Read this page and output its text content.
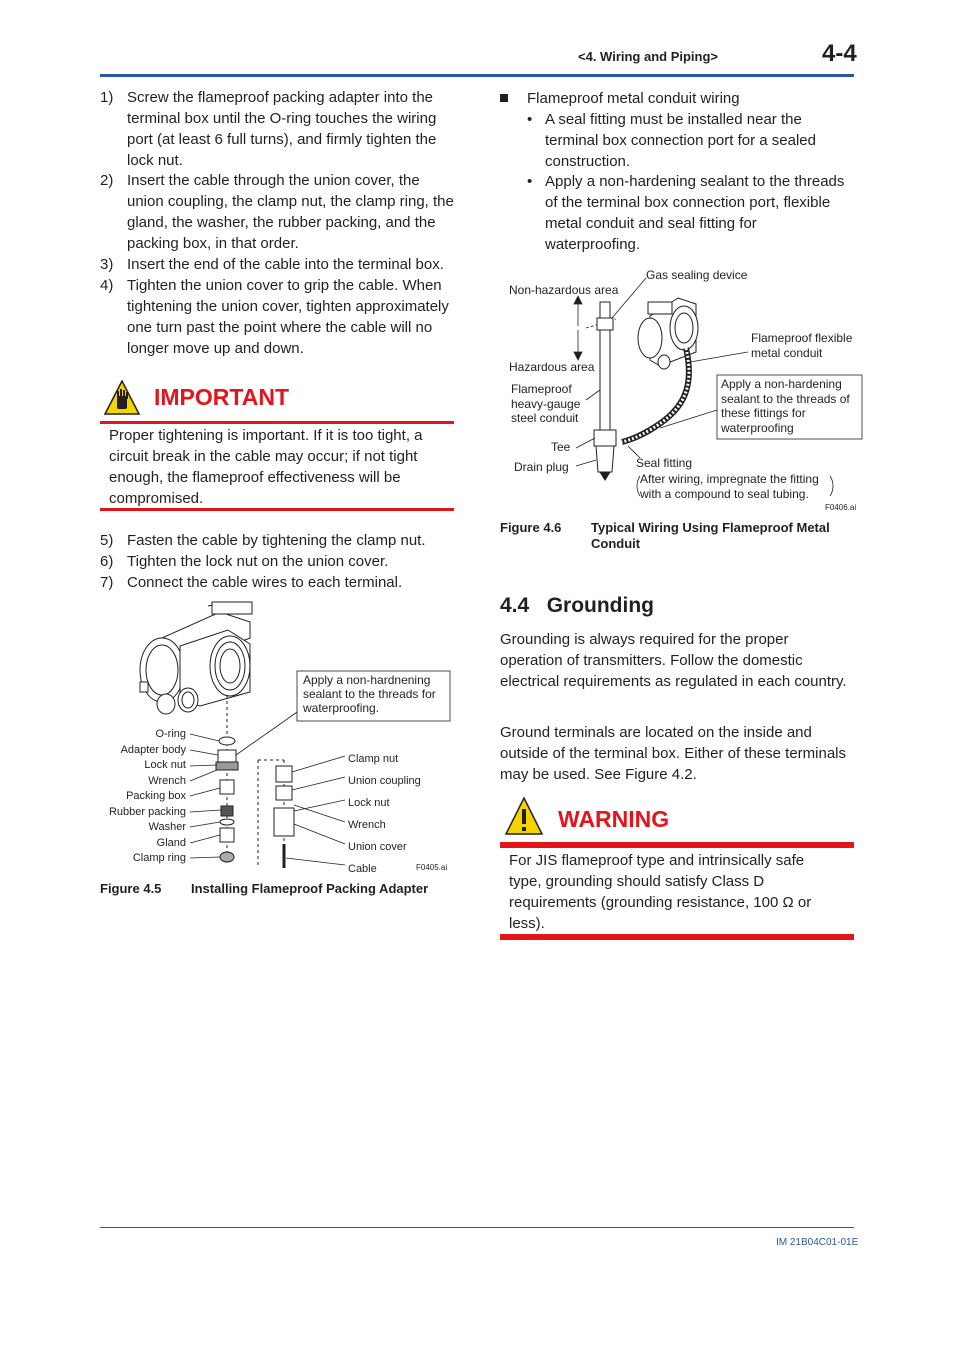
<4. Wiring and Piping>	4-4
1) Screw the flameproof packing adapter into the terminal box until the O-ring touches the wiring port (at least 6 full turns), and firmly tighten the lock nut.
2) Insert the cable through the union cover, the union coupling, the clamp nut, the clamp ring, the gland, the washer, the rubber packing, and the packing box, in that order.
3) Insert the end of the cable into the terminal box.
4) Tighten the union cover to grip the cable. When tightening the union cover, tighten approximately one turn past the point where the cable will no longer move up and down.
IMPORTANT
Proper tightening is important. If it is too tight, a circuit break in the cable may occur; if not tight enough, the flameproof effectiveness will be compromised.
5) Fasten the cable by tightening the clamp nut.
6) Tighten the lock nut on the union cover.
7) Connect the cable wires to each terminal.
Apply a non-hardnening sealant to the threads for waterproofing.
O-ring
Adapter body
Lock nut
Wrench
Packing box
Rubber packing
Washer
Gland
Clamp ring
Clamp nut
Union coupling
Lock nut
Wrench
Union cover
Cable	F0405.ai
Figure 4.5 Installing Flameproof Packing Adapter
Flameproof metal conduit wiring
• A seal fitting must be installed near the terminal box connection port for a sealed construction.
• Apply a non-hardening sealant to the threads of the terminal box connection port, flexible metal conduit and seal fitting for waterproofing.
Gas sealing device
Non-hazardous area
Hazardous area
Flameproof flexible metal conduit
Flameproof heavy-gauge steel conduit
Apply a non-hardening sealant to the threads of these fittings for waterproofing
Tee
Drain plug	Seal fitting
After wiring, impregnate the fitting with a compound to seal tubing.
F0406.ai
Figure 4.6 Typical Wiring Using Flameproof Metal Conduit
4.4   Grounding
Grounding is always required for the proper operation of transmitters. Follow the domestic electrical requirements as regulated in each country.
Ground terminals are located on the inside and outside of the terminal box. Either of these terminals may be used. See Figure 4.2.
WARNING
For JIS flameproof type and intrinsically safe type, grounding should satisfy Class D requirements (grounding resistance, 100 Ω or less).
IM 21B04C01-01E
